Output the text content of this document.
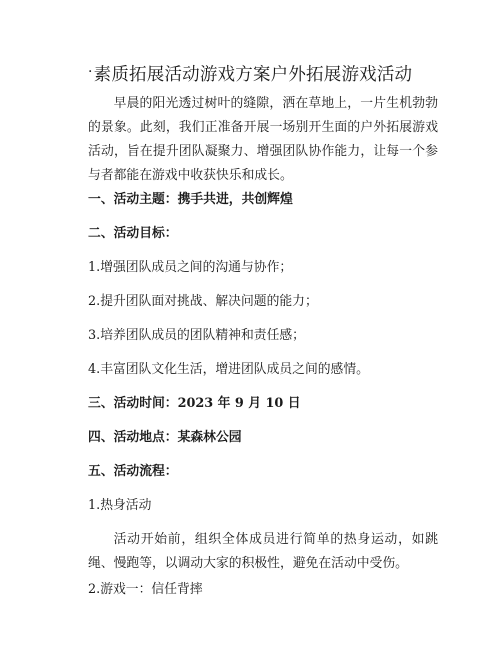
·素质拓展活动游戏方案户外拓展游戏活动
早晨的阳光透过树叶的缝隙，洒在草地上，一片生机勃勃的景象。此刻，我们正准备开展一场别开生面的户外拓展游戏活动，旨在提升团队凝聚力、增强团队协作能力，让每一个参与者都能在游戏中收获快乐和成长。
一、活动主题：携手共进，共创辉煌
二、活动目标：
1.增强团队成员之间的沟通与协作；
2.提升团队面对挑战、解决问题的能力；
3.培养团队成员的团队精神和责任感；
4.丰富团队文化生活，增进团队成员之间的感情。
三、活动时间：2023 年 9 月 10 日
四、活动地点：某森林公园
五、活动流程：
1.热身活动
活动开始前，组织全体成员进行简单的热身运动，如跳绳、慢跑等，以调动大家的积极性，避免在活动中受伤。
2.游戏一：信任背摔
